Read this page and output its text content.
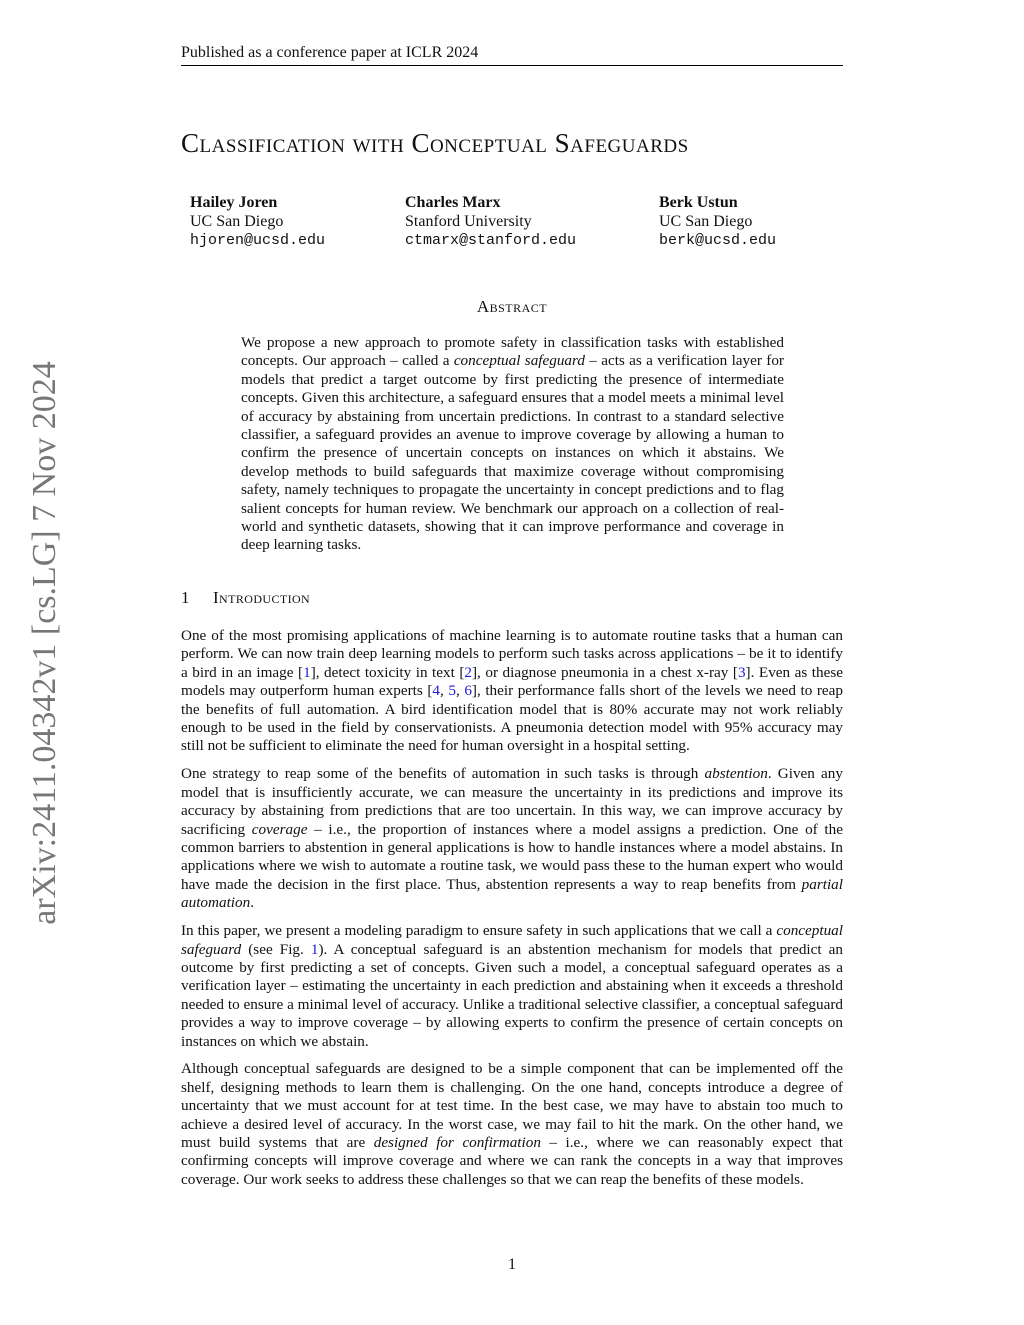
Published as a conference paper at ICLR 2024
arXiv:2411.04342v1 [cs.LG] 7 Nov 2024
Classification with Conceptual Safeguards
Hailey Joren
UC San Diego
hjoren@ucsd.edu
Charles Marx
Stanford University
ctmarx@stanford.edu
Berk Ustun
UC San Diego
berk@ucsd.edu
Abstract

We propose a new approach to promote safety in classification tasks with established concepts. Our approach – called a conceptual safeguard – acts as a verification layer for models that predict a target outcome by first predicting the presence of intermediate concepts. Given this architecture, a safeguard ensures that a model meets a minimal level of accuracy by abstaining from uncertain predictions. In contrast to a standard selective classifier, a safeguard provides an avenue to improve coverage by allowing a human to confirm the presence of uncertain concepts on instances on which it abstains. We develop methods to build safeguards that maximize coverage without compromising safety, namely techniques to propagate the uncertainty in concept predictions and to flag salient concepts for human review. We benchmark our approach on a collection of real-world and synthetic datasets, showing that it can improve performance and coverage in deep learning tasks.

1 Introduction

One of the most promising applications of machine learning is to automate routine tasks that a human can perform. We can now train deep learning models to perform such tasks across applications – be it to identify a bird in an image [1], detect toxicity in text [2], or diagnose pneumonia in a chest x-ray [3]. Even as these models may outperform human experts [4, 5, 6], their performance falls short of the levels we need to reap the benefits of full automation. A bird identification model that is 80% accurate may not work reliably enough to be used in the field by conservationists. A pneumonia detection model with 95% accuracy may still not be sufficient to eliminate the need for human oversight in a hospital setting.

One strategy to reap some of the benefits of automation in such tasks is through abstention. Given any model that is insufficiently accurate, we can measure the uncertainty in its predictions and improve its accuracy by abstaining from predictions that are too uncertain. In this way, we can improve accuracy by sacrificing coverage – i.e., the proportion of instances where a model assigns a prediction. One of the common barriers to abstention in general applications is how to handle instances where a model abstains. In applications where we wish to automate a routine task, we would pass these to the human expert who would have made the decision in the first place. Thus, abstention represents a way to reap benefits from partial automation.

In this paper, we present a modeling paradigm to ensure safety in such applications that we call a conceptual safeguard (see Fig. 1). A conceptual safeguard is an abstention mechanism for models that predict an outcome by first predicting a set of concepts. Given such a model, a conceptual safeguard operates as a verification layer – estimating the uncertainty in each prediction and abstaining when it exceeds a threshold needed to ensure a minimal level of accuracy. Unlike a traditional selective classifier, a conceptual safeguard provides a way to improve coverage – by allowing experts to confirm the presence of certain concepts on instances on which we abstain.

Although conceptual safeguards are designed to be a simple component that can be implemented off the shelf, designing methods to learn them is challenging. On the one hand, concepts introduce a degree of uncertainty that we must account for at test time. In the best case, we may have to abstain too much to achieve a desired level of accuracy. In the worst case, we may fail to hit the mark. On the other hand, we must build systems that are designed for confirmation – i.e., where we can reasonably expect that confirming concepts will improve coverage and where we can rank the concepts in a way that improves coverage. Our work seeks to address these challenges so that we can reap the benefits of these models.

1
